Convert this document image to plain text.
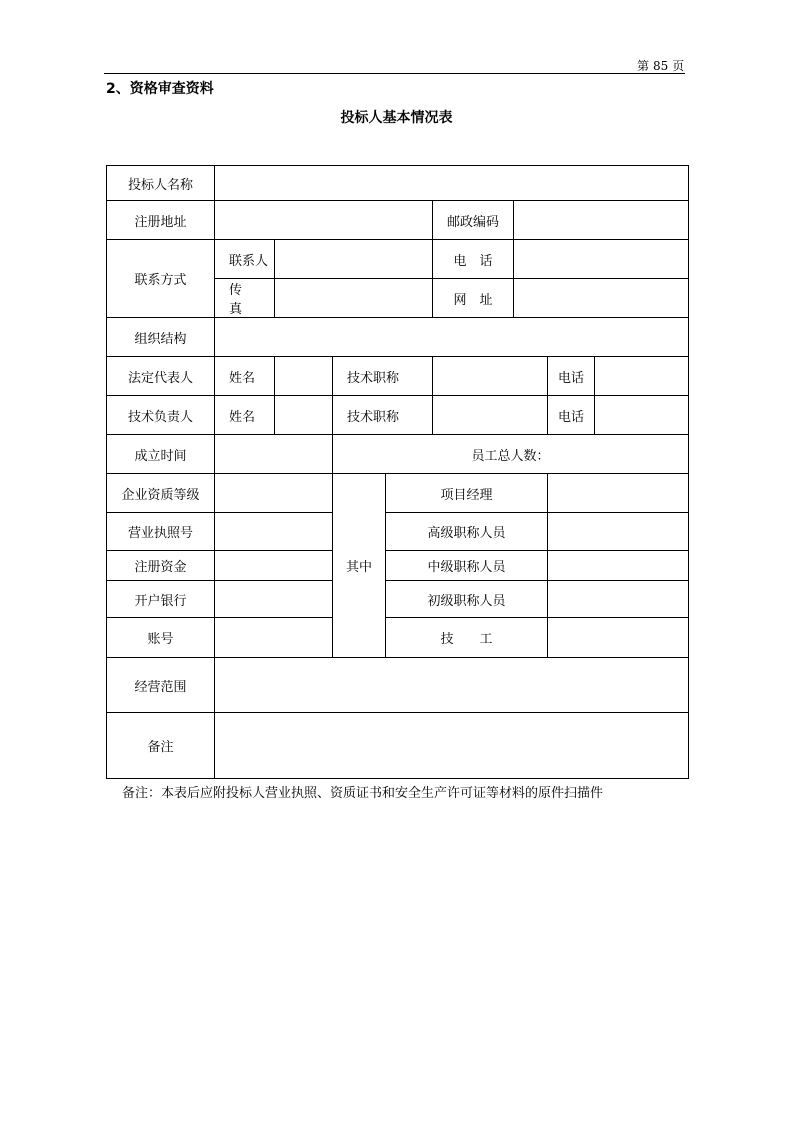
第 85 页
2、资格审查资料
投标人基本情况表
投标人名称								
注册地址					邮政编码			
联系方式	联系人				电　话			
	传　　真				网　址			
组织结构								
法定代表人	姓名		技术职称				电话	
技术负责人	姓名		技术职称				电话	
成立时间			员工总人数：					
企业资质等级			其中	项目经理				
营业执照号				高级职称人员				
注册资金				中级职称人员				
开户银行				初级职称人员				
账号				技　　工				
经营范围								
备注								
备注：本表后应附投标人营业执照、资质证书和安全生产许可证等材料的原件扫描件
